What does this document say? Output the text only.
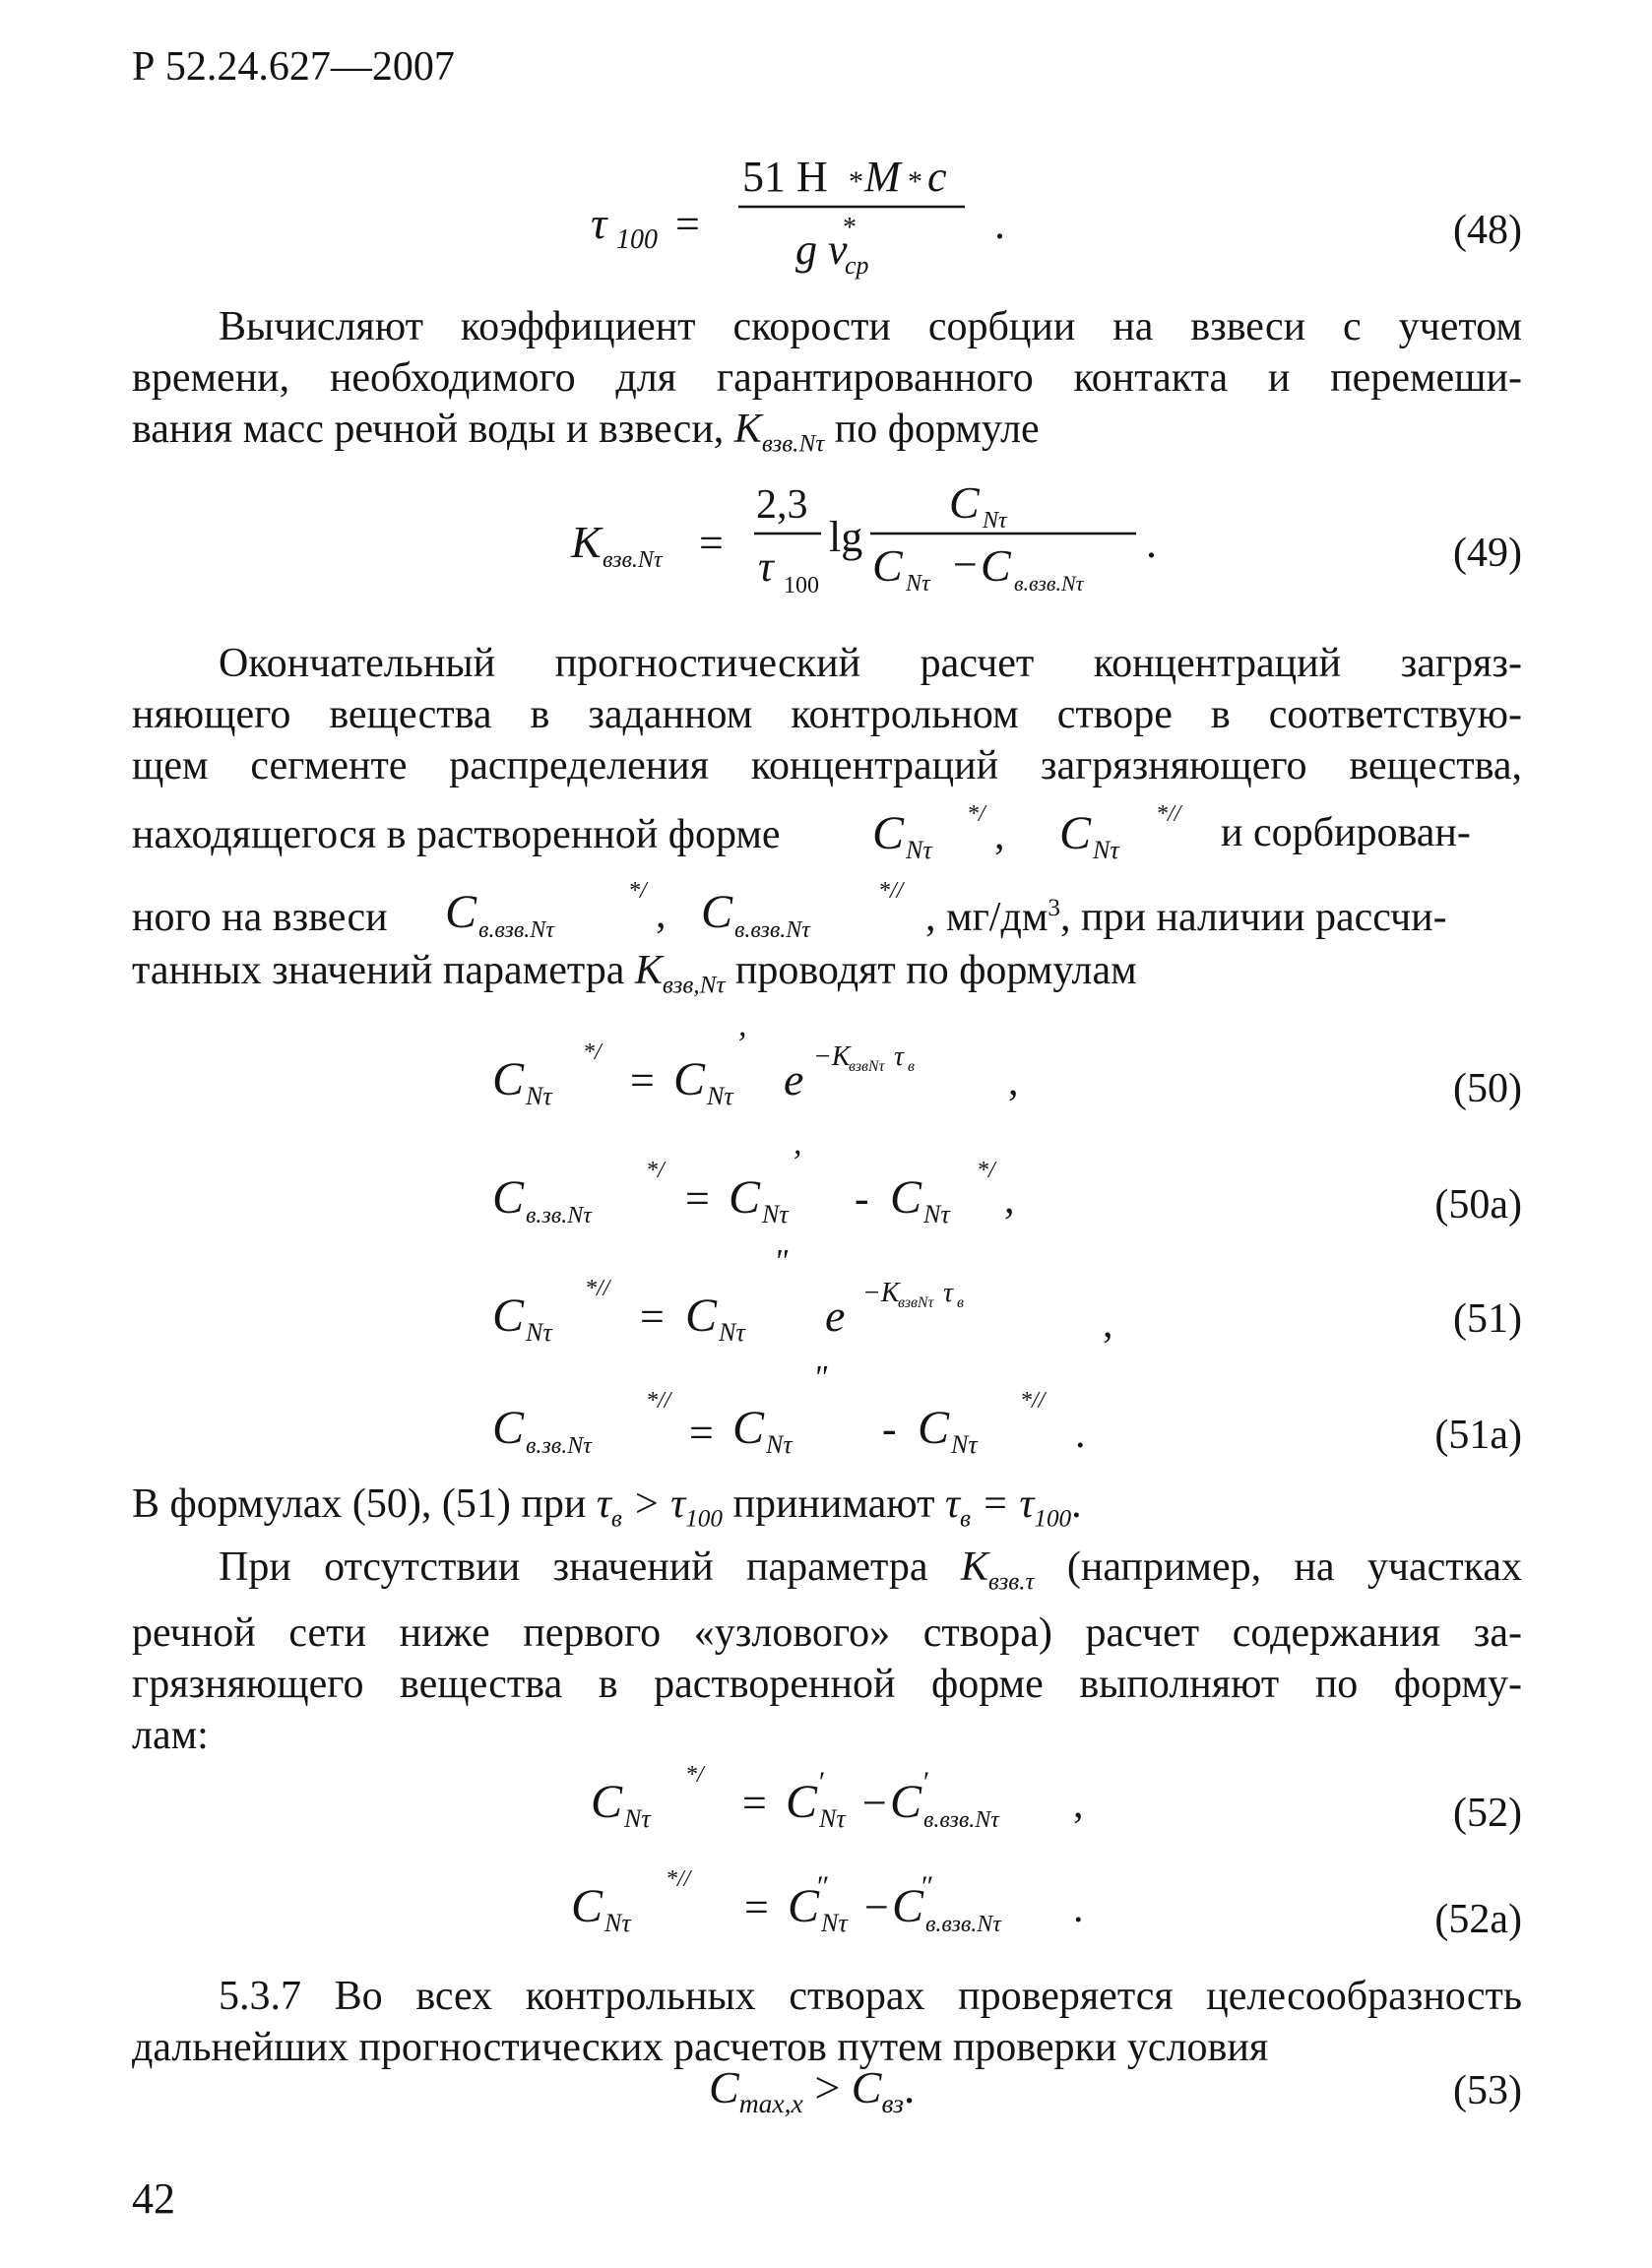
Р 52.24.627—2007
τ 100 =
51 H * M * c
g v
*
ср
.	(48)
Вычисляют коэффициент скорости сорбции на взвеси с учетом
времени, необходимого для гарантированного контакта и перемеши-
вания масс речной воды и взвеси, $K_{взв.N\tau}$ по формуле
K взв.Nτ =
2,3
τ 100
lg
C Nτ
C Nτ − C в.взв.Nτ
.	(49)
Окончательный прогностический расчет концентраций загряз-
няющего вещества в заданном контрольном створе в соответствую-
щем сегменте распределения концентраций загрязняющего вещества,
находящегося в растворенной форме	C Nτ
*/ , C Nτ
*// и сорбирован-
ного на взвеси C в.взв.Nτ
*/
, C в.взв.Nτ
*//
, $мг/дм^3$, при наличии рассчи-
танных значений параметра $K_{взв,N\tau}$ проводят по формулам
C Nτ
*/
= C Nτ
,
e −K
взвNτ τ в ,	(50)
C в.зв.Nτ
*/
= C Nτ
,
- C Nτ
*/
,	(50a)
C Nτ
*//
= C Nτ
"
e −K
взвNτ τ в	,	(51)
C в.зв.Nτ
*//
= C Nτ
"
- C Nτ
*//
.	(51a)
В формулах (50), (51) при $\tau_в > \tau_{100}$ принимают $\tau_в = \tau_{100}$.
При отсутствии значений параметра $K_{взв.\tau}$ (например, на участках
речной сети ниже первого «узлового» створа) расчет содержания за-
грязняющего вещества в растворенной форме выполняют по форму-
лам:
C Nτ
*/
= C ′
Nτ − C ′
в.взв.Nτ ,	(52)
C Nτ
*//
= C
″
Nτ − C
″
в.взв.Nτ .	(52a)
5.3.7 Во всех контрольных створах проверяется целесообразность
дальнейших прогностических расчетов путем проверки условия
$C_{max,x} > C_{вз}$.	(53)
42
